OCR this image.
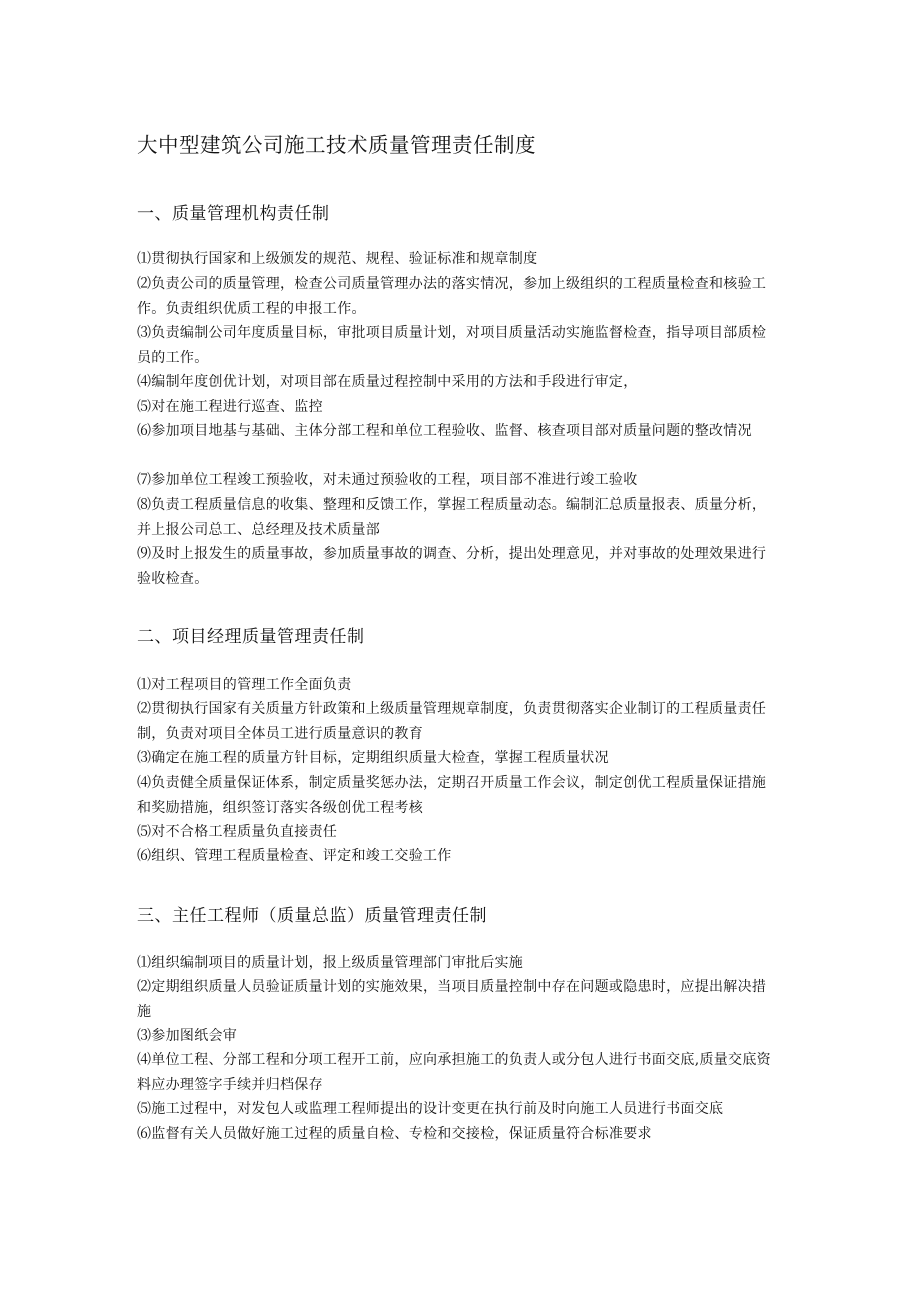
大中型建筑公司施工技术质量管理责任制度
一、质量管理机构责任制

⑴贯彻执行国家和上级颁发的规范、规程、验证标准和规章制度

⑵负责公司的质量管理，检查公司质量管理办法的落实情况，参加上级组织的工程质量检查和核验工作。负责组织优质工程的申报工作。

⑶负责编制公司年度质量目标，审批项目质量计划，对项目质量活动实施监督检查，指导项目部质检员的工作。

⑷编制年度创优计划，对项目部在质量过程控制中采用的方法和手段进行审定，

⑸对在施工程进行巡查、监控

⑹参加项目地基与基础、主体分部工程和单位工程验收、监督、核查项目部对质量问题的整改情况

⑺参加单位工程竣工预验收，对未通过预验收的工程，项目部不准进行竣工验收

⑻负责工程质量信息的收集、整理和反馈工作，掌握工程质量动态。编制汇总质量报表、质量分析，并上报公司总工、总经理及技术质量部

⑼及时上报发生的质量事故，参加质量事故的调查、分析，提出处理意见，并对事故的处理效果进行验收检查。

二、项目经理质量管理责任制

⑴对工程项目的管理工作全面负责

⑵贯彻执行国家有关质量方针政策和上级质量管理规章制度，负责贯彻落实企业制订的工程质量责任制，负责对项目全体员工进行质量意识的教育

⑶确定在施工程的质量方针目标，定期组织质量大检查，掌握工程质量状况

⑷负责健全质量保证体系，制定质量奖惩办法，定期召开质量工作会议，制定创优工程质量保证措施和奖励措施，组织签订落实各级创优工程考核

⑸对不合格工程质量负直接责任

⑹组织、管理工程质量检查、评定和竣工交验工作

三、主任工程师（质量总监）质量管理责任制

⑴组织编制项目的质量计划，报上级质量管理部门审批后实施

⑵定期组织质量人员验证质量计划的实施效果，当项目质量控制中存在问题或隐患时，应提出解决措施

⑶参加图纸会审

⑷单位工程、分部工程和分项工程开工前，应向承担施工的负责人或分包人进行书面交底,质量交底资料应办理签字手续并归档保存

⑸施工过程中，对发包人或监理工程师提出的设计变更在执行前及时向施工人员进行书面交底

⑹监督有关人员做好施工过程的质量自检、专检和交接检，保证质量符合标准要求
